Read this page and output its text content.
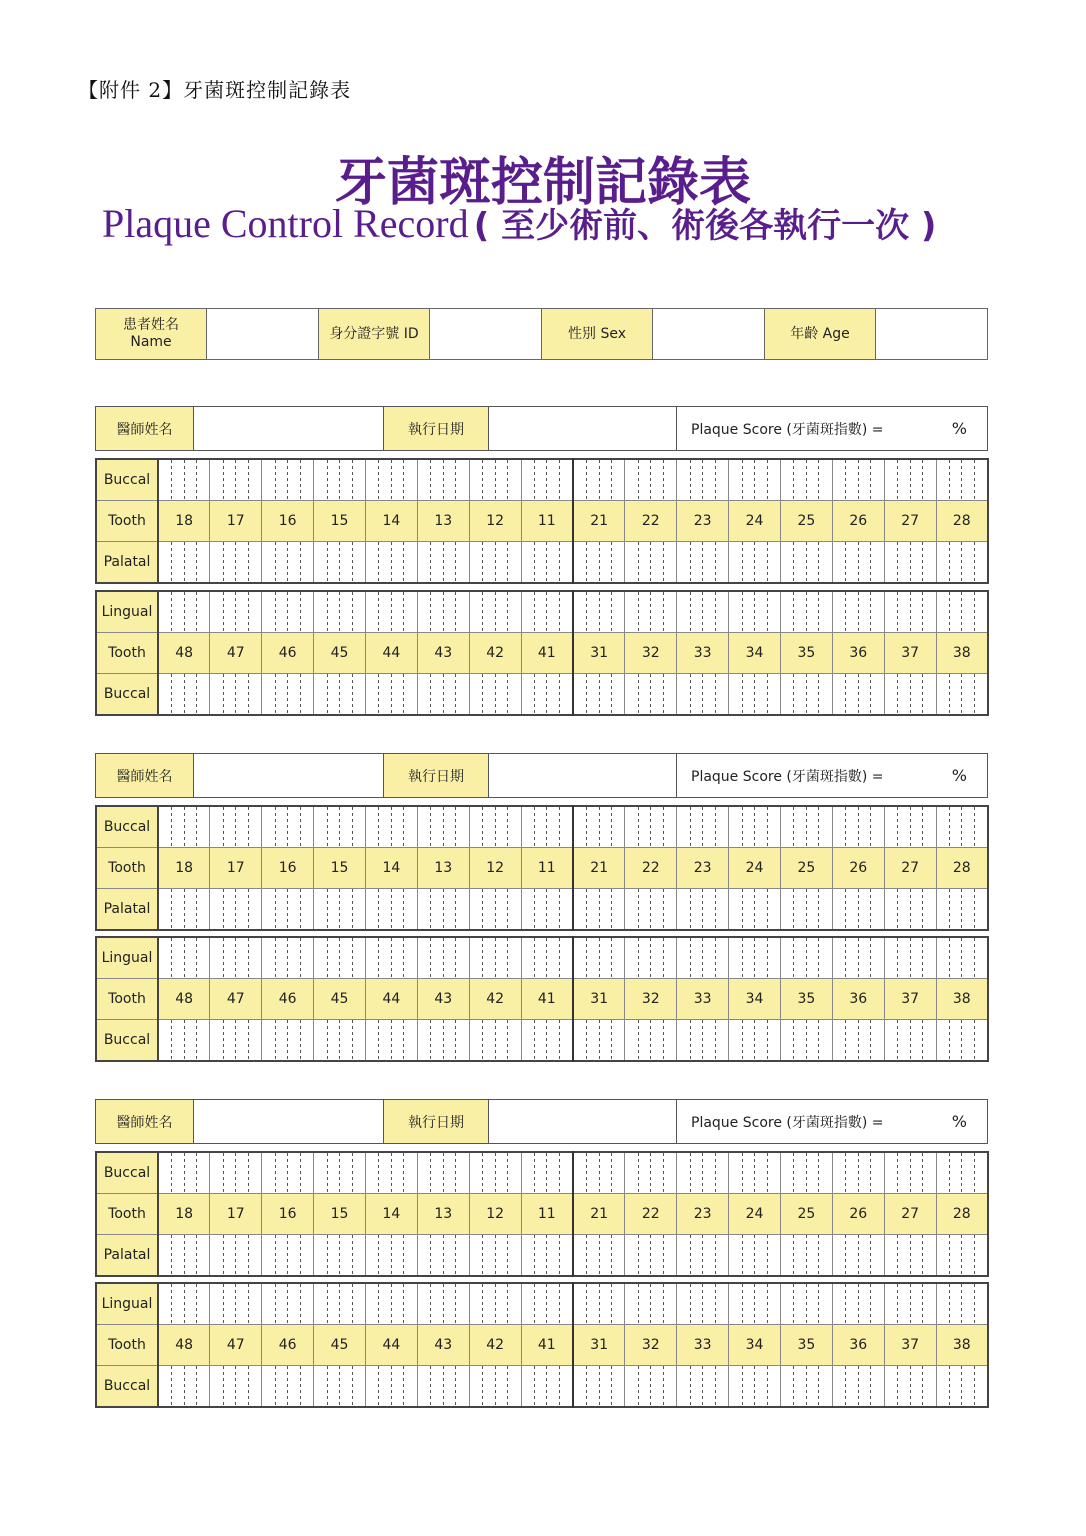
【附件 2】牙菌斑控制記錄表
牙菌斑控制記錄表
Plaque Control Record ( 至少術前、術後各執行一次 )
患者姓名
Name
		身分證字號 ID		性別 Sex		年齡 Age	
醫師姓名		執行日期		Plaque Score (牙菌斑指數) =	%
Buccal																
Tooth	18	17	16	15	14	13	12	11	21	22	23	24	25	26	27	28
Palatal																
Lingual																
Tooth	48	47	46	45	44	43	42	41	31	32	33	34	35	36	37	38
Buccal																
醫師姓名		執行日期		Plaque Score (牙菌斑指數) =	%
Buccal																
Tooth	18	17	16	15	14	13	12	11	21	22	23	24	25	26	27	28
Palatal																
Lingual																
Tooth	48	47	46	45	44	43	42	41	31	32	33	34	35	36	37	38
Buccal																
醫師姓名		執行日期		Plaque Score (牙菌斑指數) =	%
Buccal																
Tooth	18	17	16	15	14	13	12	11	21	22	23	24	25	26	27	28
Palatal																
Lingual																
Tooth	48	47	46	45	44	43	42	41	31	32	33	34	35	36	37	38
Buccal																
